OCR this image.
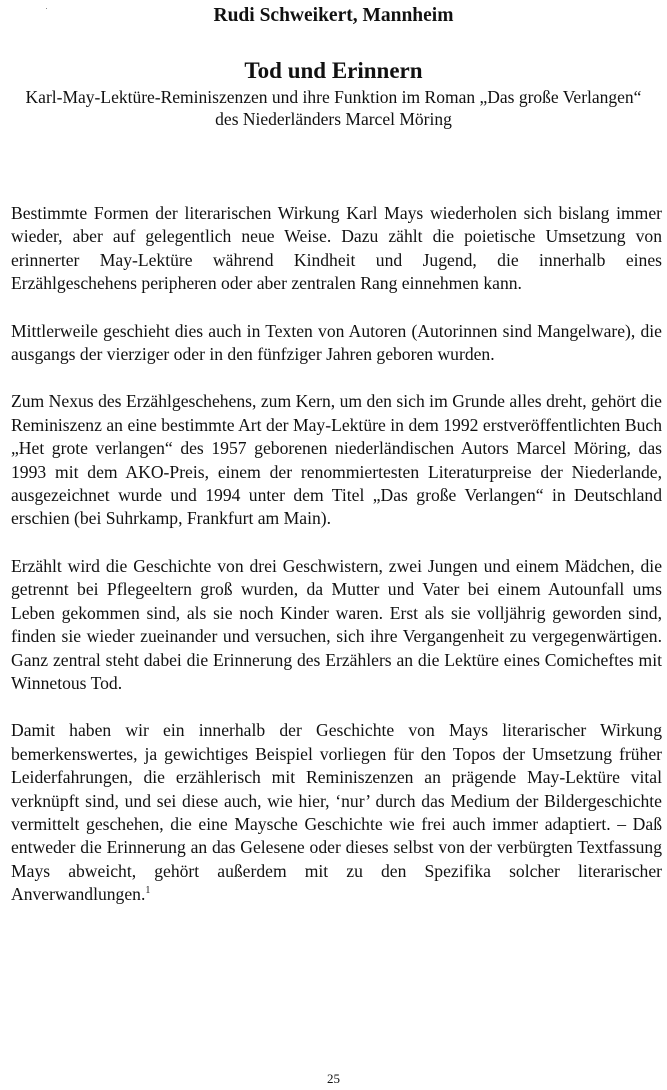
Rudi Schweikert, Mannheim
Tod und Erinnern

Karl-May-Lektüre-Reminiszenzen und ihre Funktion im Roman „Das große Verlangen“ des Niederländers Marcel Möring

Bestimmte Formen der literarischen Wirkung Karl Mays wiederholen sich bislang immer wieder, aber auf gelegentlich neue Weise. Dazu zählt die poietische Umsetzung von erinnerter May-Lektüre während Kindheit und Jugend, die innerhalb eines Erzählgeschehens peripheren oder aber zentralen Rang einnehmen kann.

Mittlerweile geschieht dies auch in Texten von Autoren (Autorinnen sind Mangelware), die ausgangs der vierziger oder in den fünfziger Jahren geboren wurden.

Zum Nexus des Erzählgeschehens, zum Kern, um den sich im Grunde alles dreht, gehört die Reminiszenz an eine bestimmte Art der May-Lektüre in dem 1992 erstveröffentlichten Buch „Het grote verlangen“ des 1957 geborenen niederländischen Autors Marcel Möring, das 1993 mit dem AKO-Preis, einem der renommiertesten Literaturpreise der Niederlande, ausgezeichnet wurde und 1994 unter dem Titel „Das große Verlangen“ in Deutschland erschien (bei Suhrkamp, Frankfurt am Main).

Erzählt wird die Geschichte von drei Geschwistern, zwei Jungen und einem Mädchen, die getrennt bei Pflegeeltern groß wurden, da Mutter und Vater bei einem Autounfall ums Leben gekommen sind, als sie noch Kinder waren. Erst als sie volljährig geworden sind, finden sie wieder zueinander und versuchen, sich ihre Vergangenheit zu vergegenwärtigen. Ganz zentral steht dabei die Erinnerung des Erzählers an die Lektüre eines Comicheftes mit Winnetous Tod.

Damit haben wir ein innerhalb der Geschichte von Mays literarischer Wirkung bemerkenswertes, ja gewichtiges Beispiel vorliegen für den Topos der Umsetzung früher Leiderfahrungen, die erzählerisch mit Reminiszenzen an prägende May-Lektüre vital verknüpft sind, und sei diese auch, wie hier, ‘nur’ durch das Medium der Bildergeschichte vermittelt geschehen, die eine Maysche Geschichte wie frei auch immer adaptiert. – Daß entweder die Erinnerung an das Gelesene oder dieses selbst von der verbürgten Textfassung Mays abweicht, gehört außerdem mit zu den Spezifika solcher literarischer Anverwandlungen.$^1$

25
